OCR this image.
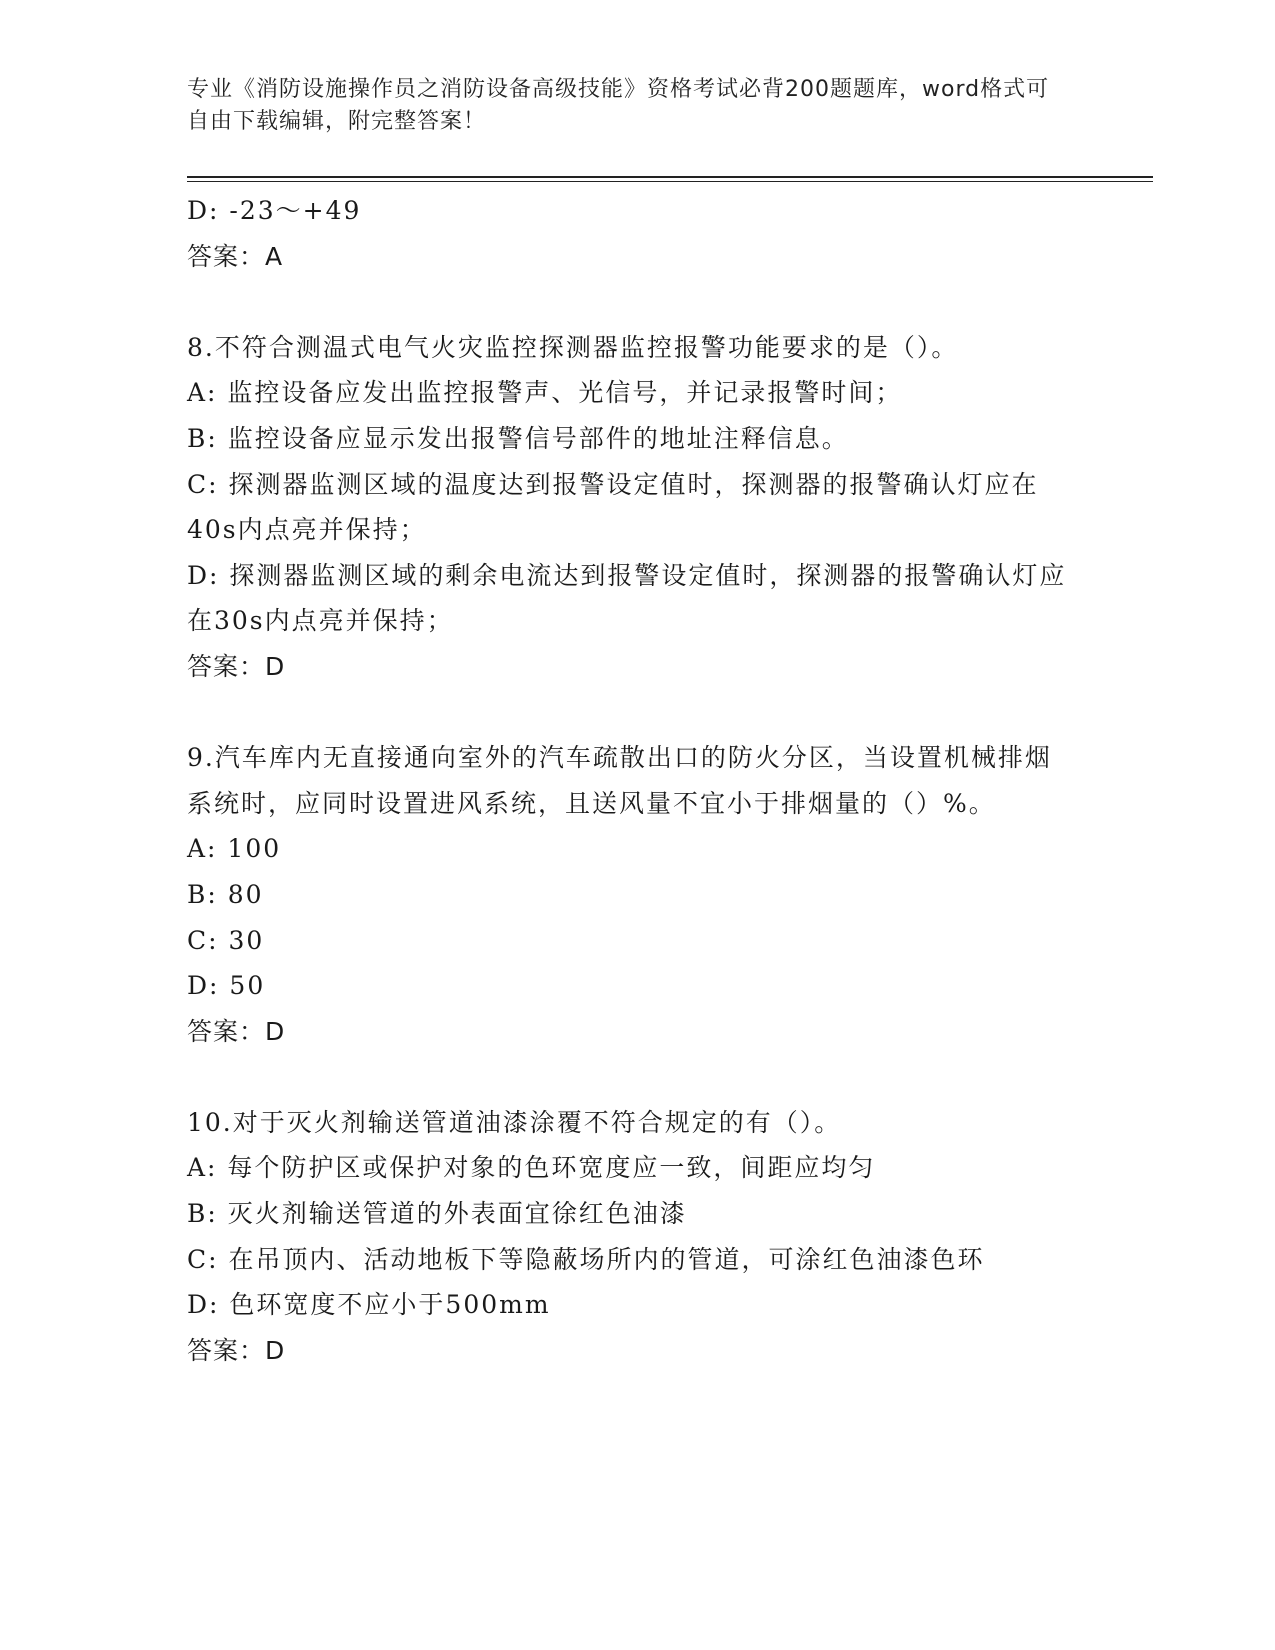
专业《消防设施操作员之消防设备高级技能》资格考试必背200题题库，word格式可自由下载编辑，附完整答案！

D: -23～+49

答案：A

8.不符合测温式电气火灾监控探测器监控报警功能要求的是（）。

A: 监控设备应发出监控报警声、光信号，并记录报警时间；

B: 监控设备应显示发出报警信号部件的地址注释信息。

C: 探测器监测区域的温度达到报警设定值时，探测器的报警确认灯应在40s内点亮并保持；

D: 探测器监测区域的剩余电流达到报警设定值时，探测器的报警确认灯应在30s内点亮并保持；

答案：D

9.汽车库内无直接通向室外的汽车疏散出口的防火分区，当设置机械排烟系统时，应同时设置进风系统，且送风量不宜小于排烟量的（）%。

A: 100

B: 80

C: 30

D: 50

答案：D

10.对于灭火剂输送管道油漆涂覆不符合规定的有（）。

A: 每个防护区或保护对象的色环宽度应一致，间距应均匀

B: 灭火剂输送管道的外表面宜徐红色油漆

C: 在吊顶内、活动地板下等隐蔽场所内的管道，可涂红色油漆色环

D: 色环宽度不应小于500mm

答案：D
